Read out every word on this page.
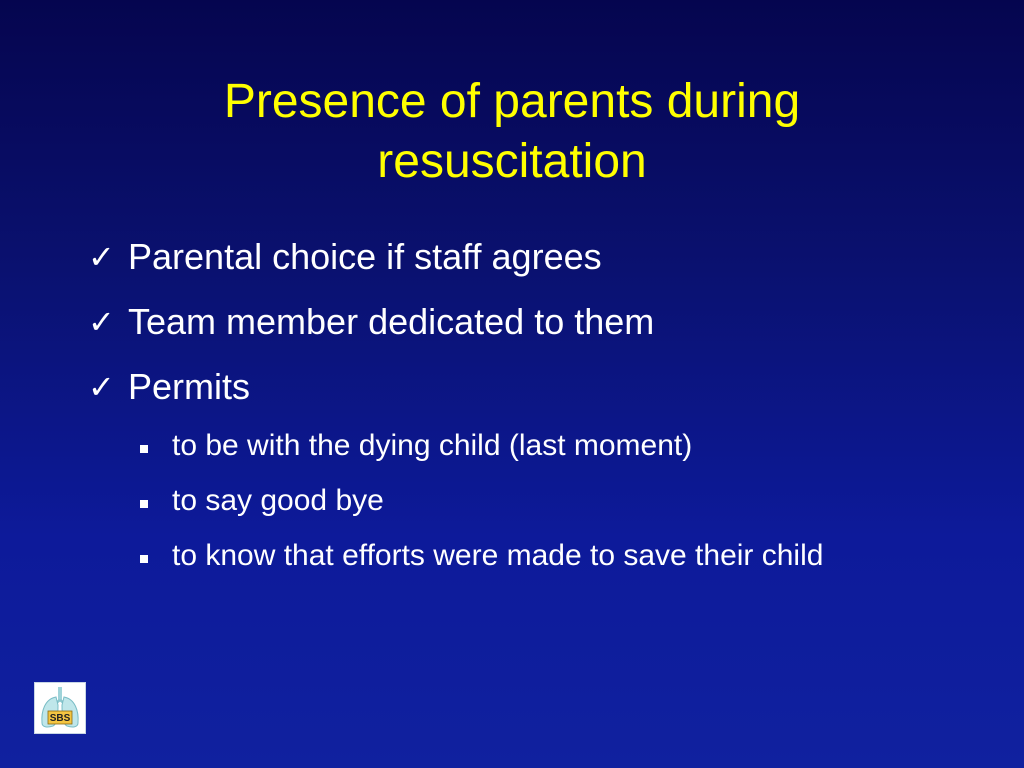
Presence of parents during resuscitation
✓ Parental choice if staff agrees
✓ Team member dedicated to them
✓ Permits
to be with the dying child (last moment)
to say good bye
to know that efforts were made to save their child
SBS
